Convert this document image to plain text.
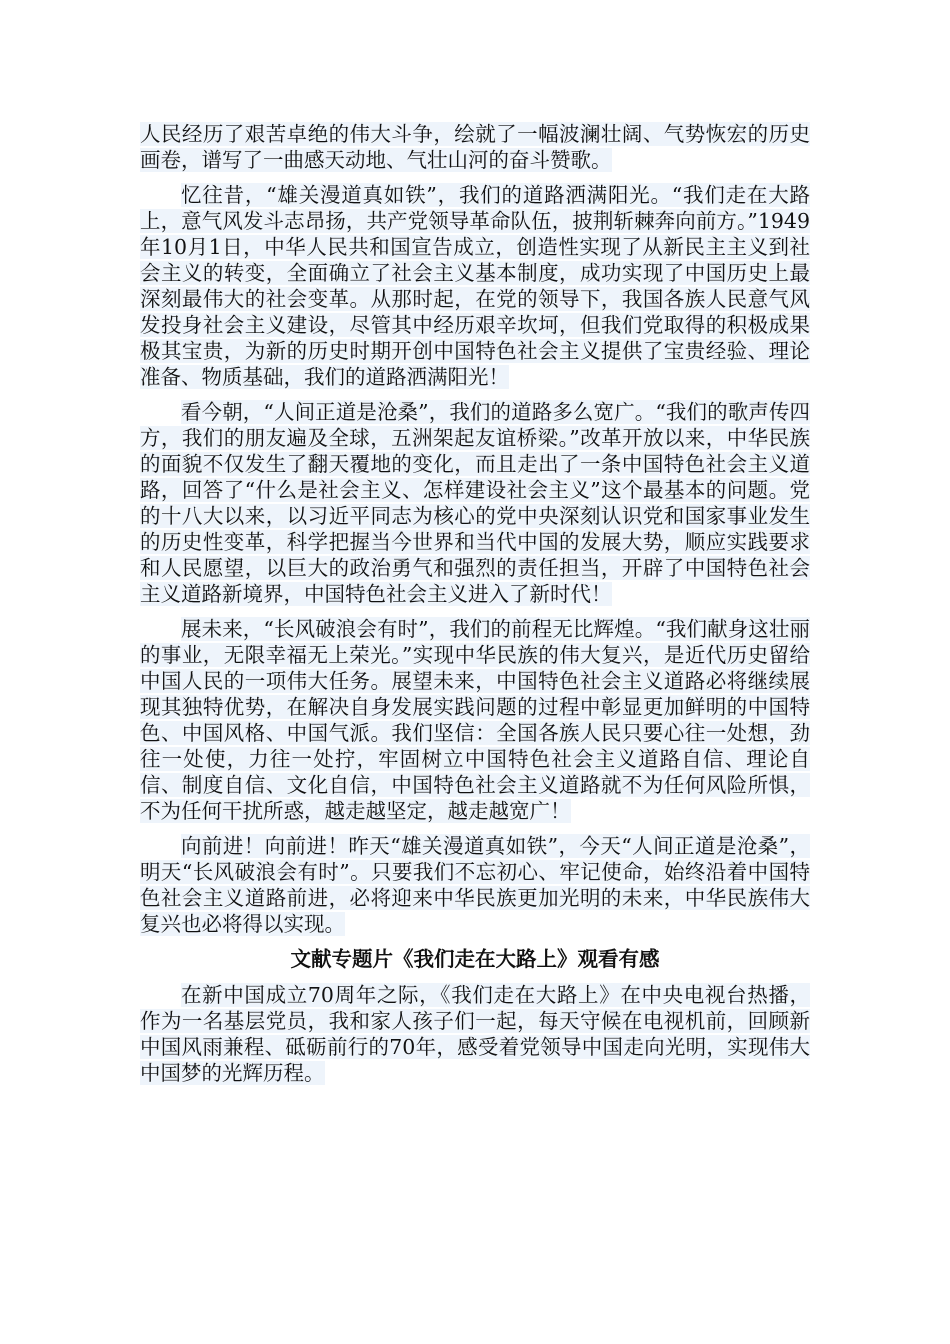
人民经历了艰苦卓绝的伟大斗争，绘就了一幅波澜壮阔、气势恢宏的历史画卷，谱写了一曲感天动地、气壮山河的奋斗赞歌。

忆往昔，“雄关漫道真如铁”，我们的道路洒满阳光。“我们走在大路上，意气风发斗志昂扬，共产党领导革命队伍，披荆斩棘奔向前方。”1949年10月1日，中华人民共和国宣告成立，创造性实现了从新民主主义到社会主义的转变，全面确立了社会主义基本制度，成功实现了中国历史上最深刻最伟大的社会变革。从那时起，在党的领导下，我国各族人民意气风发投身社会主义建设，尽管其中经历艰辛坎坷，但我们党取得的积极成果极其宝贵，为新的历史时期开创中国特色社会主义提供了宝贵经验、理论准备、物质基础，我们的道路洒满阳光！

看今朝，“人间正道是沧桑”，我们的道路多么宽广。“我们的歌声传四方，我们的朋友遍及全球，五洲架起友谊桥梁。”改革开放以来，中华民族的面貌不仅发生了翻天覆地的变化，而且走出了一条中国特色社会主义道路，回答了“什么是社会主义、怎样建设社会主义”这个最基本的问题。党的十八大以来，以习近平同志为核心的党中央深刻认识党和国家事业发生的历史性变革，科学把握当今世界和当代中国的发展大势，顺应实践要求和人民愿望，以巨大的政治勇气和强烈的责任担当，开辟了中国特色社会主义道路新境界，中国特色社会主义进入了新时代！

展未来，“长风破浪会有时”，我们的前程无比辉煌。“我们献身这壮丽的事业，无限幸福无上荣光。”实现中华民族的伟大复兴，是近代历史留给中国人民的一项伟大任务。展望未来，中国特色社会主义道路必将继续展现其独特优势，在解决自身发展实践问题的过程中彰显更加鲜明的中国特色、中国风格、中国气派。我们坚信：全国各族人民只要心往一处想，劲往一处使，力往一处拧，牢固树立中国特色社会主义道路自信、理论自信、制度自信、文化自信，中国特色社会主义道路就不为任何风险所惧，不为任何干扰所惑，越走越坚定，越走越宽广！

向前进！向前进！昨天“雄关漫道真如铁”，今天“人间正道是沧桑”，明天“长风破浪会有时”。只要我们不忘初心、牢记使命，始终沿着中国特色社会主义道路前进，必将迎来中华民族更加光明的未来，中华民族伟大复兴也必将得以实现。

文献专题片《我们走在大路上》观看有感

在新中国成立70周年之际，《我们走在大路上》在中央电视台热播，作为一名基层党员，我和家人孩子们一起，每天守候在电视机前，回顾新中国风雨兼程、砥砺前行的70年，感受着党领导中国走向光明，实现伟大中国梦的光辉历程。
